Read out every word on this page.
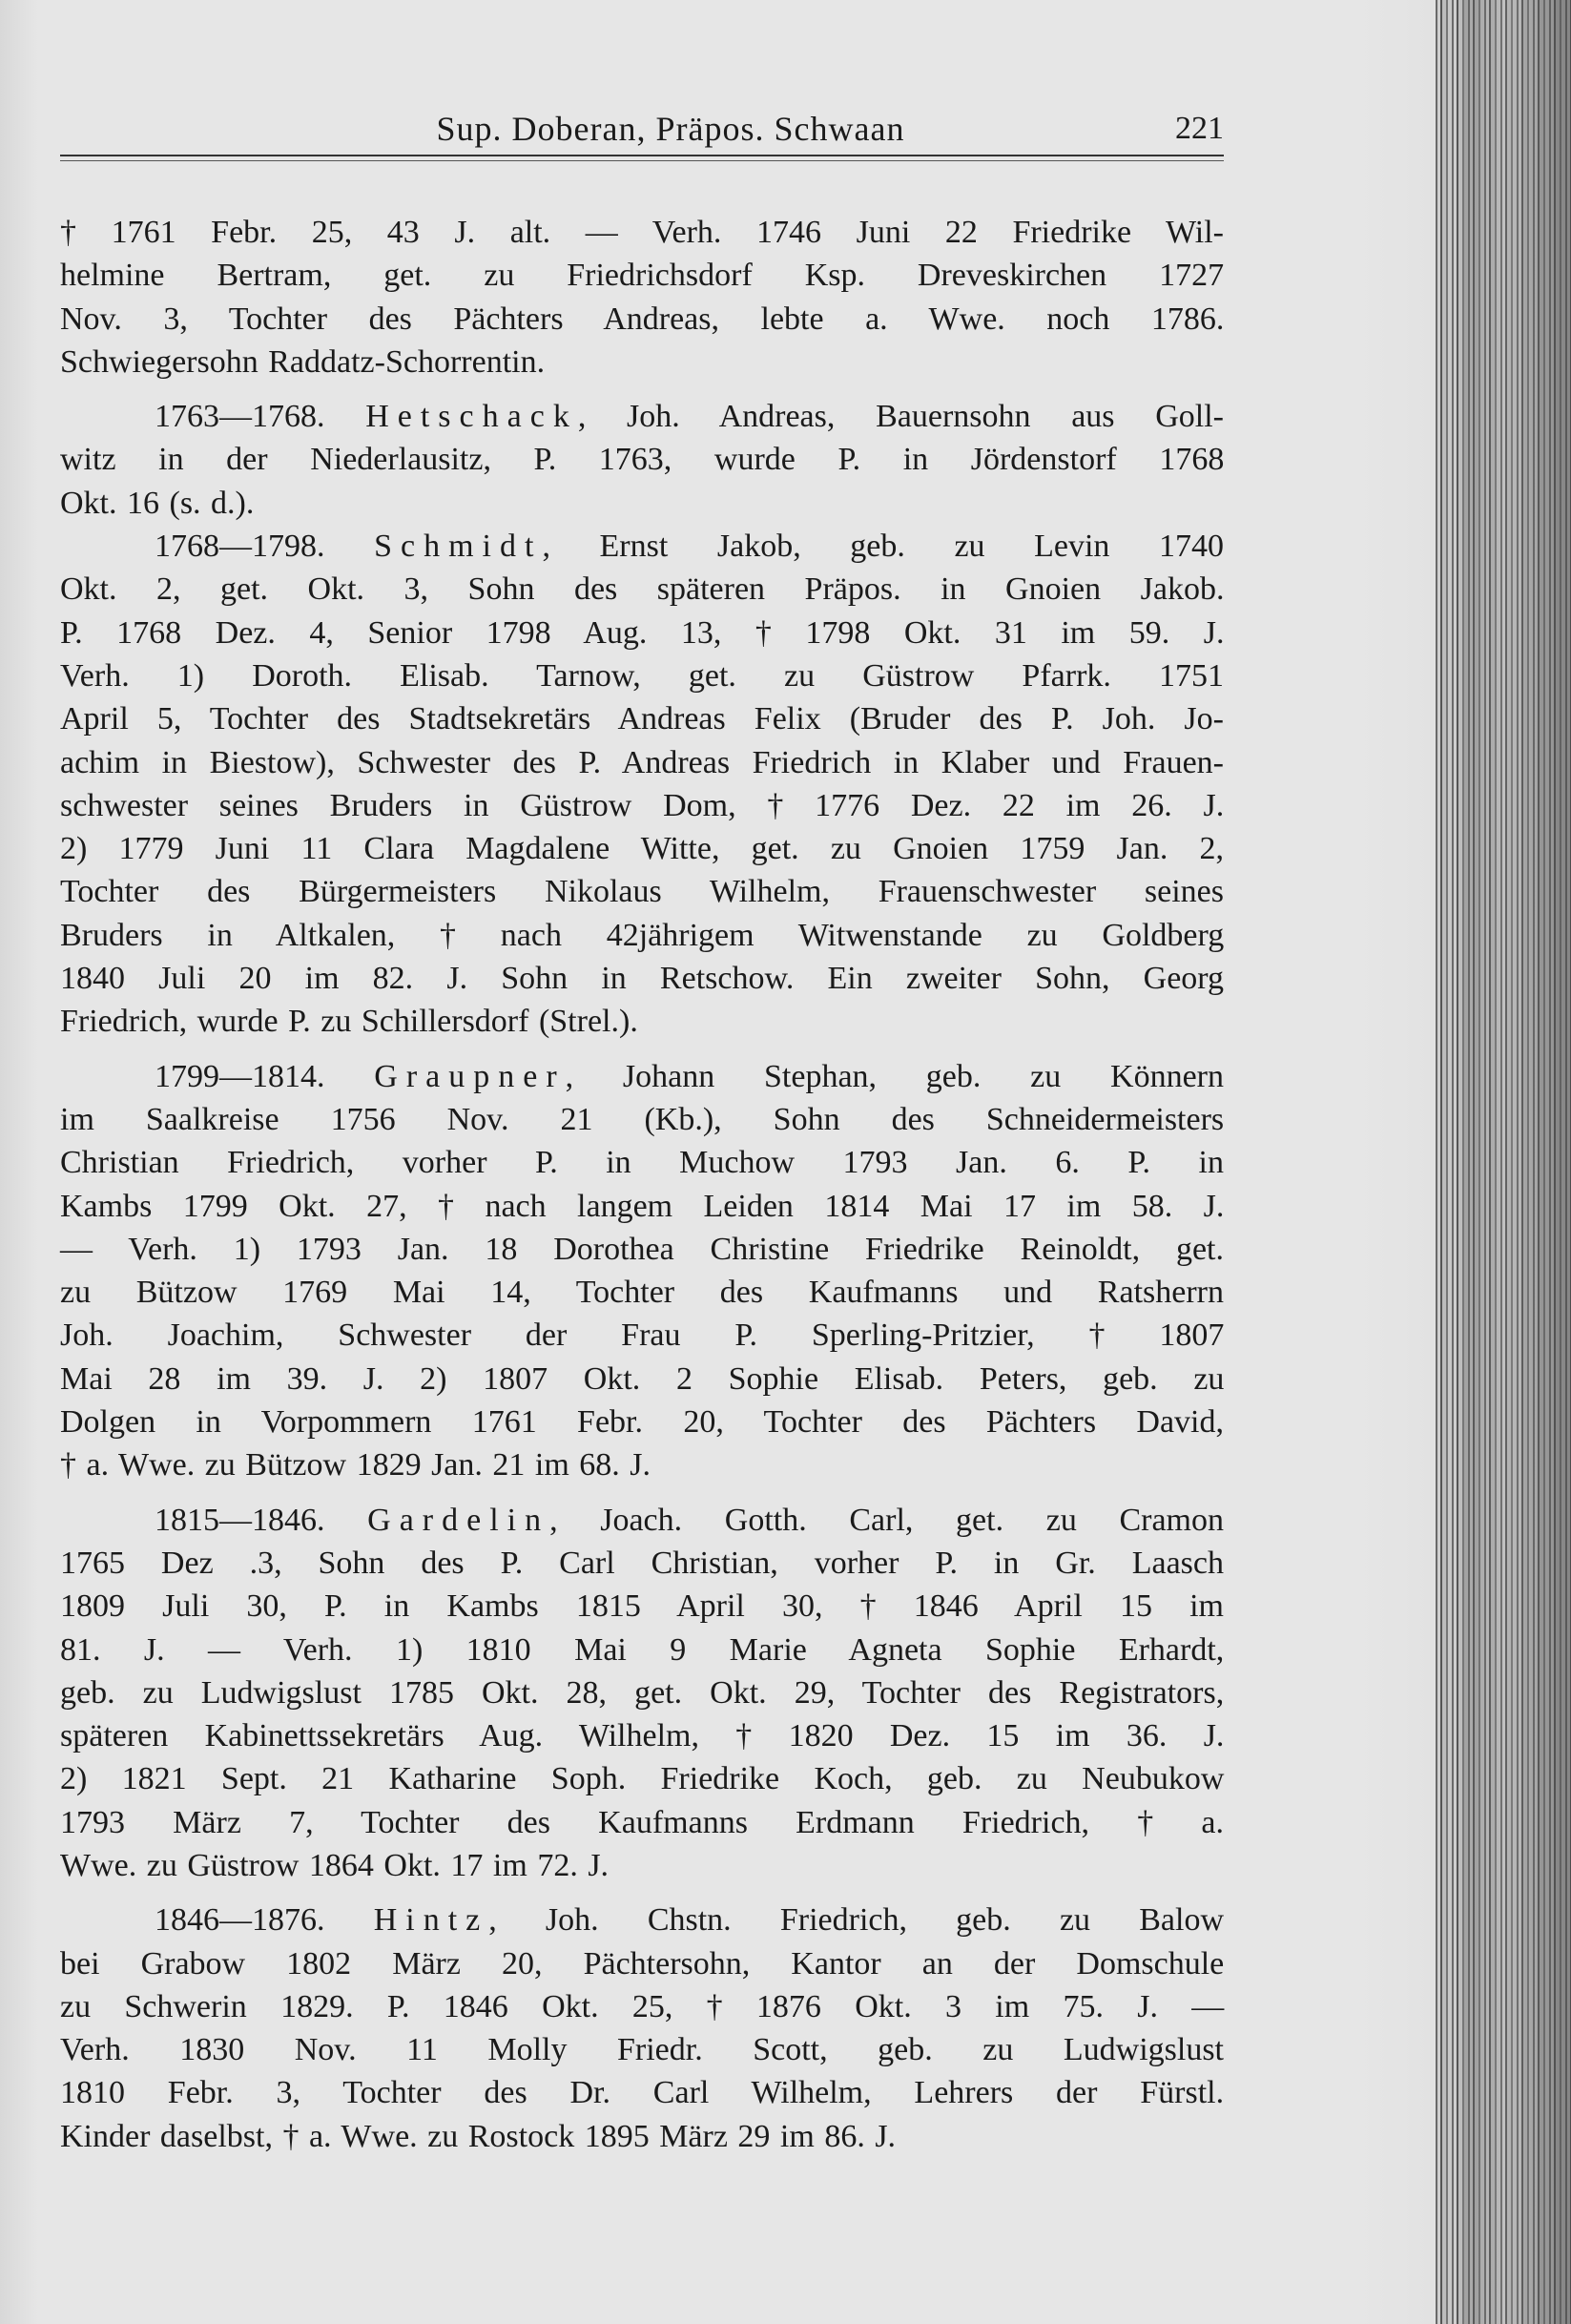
Sup. Doberan, Präpos. Schwaan	221

† 1761 Febr. 25, 43 J. alt. — Verh. 1746 Juni 22 Friedrike Wil-
helmine Bertram, get. zu Friedrichsdorf Ksp. Dreveskirchen 1727
Nov. 3, Tochter des Pächters Andreas, lebte a. Wwe. noch 1786.
Schwiegersohn Raddatz-Schorrentin.

1763—1768. Hetschack, Joh. Andreas, Bauernsohn aus Goll-
witz in der Niederlausitz, P. 1763, wurde P. in Jördenstorf 1768
Okt. 16 (s. d.).

1768—1798. Schmidt, Ernst Jakob, geb. zu Levin 1740
Okt. 2, get. Okt. 3, Sohn des späteren Präpos. in Gnoien Jakob.
P. 1768 Dez. 4, Senior 1798 Aug. 13, † 1798 Okt. 31 im 59. J.
Verh. 1) Doroth. Elisab. Tarnow, get. zu Güstrow Pfarrk. 1751
April 5, Tochter des Stadtsekretärs Andreas Felix (Bruder des P. Joh. Jo-
achim in Biestow), Schwester des P. Andreas Friedrich in Klaber und Frauen-
schwester seines Bruders in Güstrow Dom, † 1776 Dez. 22 im 26. J.
2) 1779 Juni 11 Clara Magdalene Witte, get. zu Gnoien 1759 Jan. 2,
Tochter des Bürgermeisters Nikolaus Wilhelm, Frauenschwester seines
Bruders in Altkalen, † nach 42jährigem Witwenstande zu Goldberg
1840 Juli 20 im 82. J. Sohn in Retschow. Ein zweiter Sohn, Georg
Friedrich, wurde P. zu Schillersdorf (Strel.).

1799—1814. Graupner, Johann Stephan, geb. zu Könnern
im Saalkreise 1756 Nov. 21 (Kb.), Sohn des Schneidermeisters
Christian Friedrich, vorher P. in Muchow 1793 Jan. 6. P. in
Kambs 1799 Okt. 27, † nach langem Leiden 1814 Mai 17 im 58. J.
— Verh. 1) 1793 Jan. 18 Dorothea Christine Friedrike Reinoldt, get.
zu Bützow 1769 Mai 14, Tochter des Kaufmanns und Ratsherrn
Joh. Joachim, Schwester der Frau P. Sperling-Pritzier, † 1807
Mai 28 im 39. J. 2) 1807 Okt. 2 Sophie Elisab. Peters, geb. zu
Dolgen in Vorpommern 1761 Febr. 20, Tochter des Pächters David,
† a. Wwe. zu Bützow 1829 Jan. 21 im 68. J.

1815—1846. Gardelin, Joach. Gotth. Carl, get. zu Cramon
1765 Dez .3, Sohn des P. Carl Christian, vorher P. in Gr. Laasch
1809 Juli 30, P. in Kambs 1815 April 30, † 1846 April 15 im
81. J. — Verh. 1) 1810 Mai 9 Marie Agneta Sophie Erhardt,
geb. zu Ludwigslust 1785 Okt. 28, get. Okt. 29, Tochter des Registrators,
späteren Kabinettssekretärs Aug. Wilhelm, † 1820 Dez. 15 im 36. J.
2) 1821 Sept. 21 Katharine Soph. Friedrike Koch, geb. zu Neubukow
1793 März 7, Tochter des Kaufmanns Erdmann Friedrich, † a.
Wwe. zu Güstrow 1864 Okt. 17 im 72. J.

1846—1876. Hintz, Joh. Chstn. Friedrich, geb. zu Balow
bei Grabow 1802 März 20, Pächtersohn, Kantor an der Domschule
zu Schwerin 1829. P. 1846 Okt. 25, † 1876 Okt. 3 im 75. J. —
Verh. 1830 Nov. 11 Molly Friedr. Scott, geb. zu Ludwigslust
1810 Febr. 3, Tochter des Dr. Carl Wilhelm, Lehrers der Fürstl.
Kinder daselbst, † a. Wwe. zu Rostock 1895 März 29 im 86. J.
